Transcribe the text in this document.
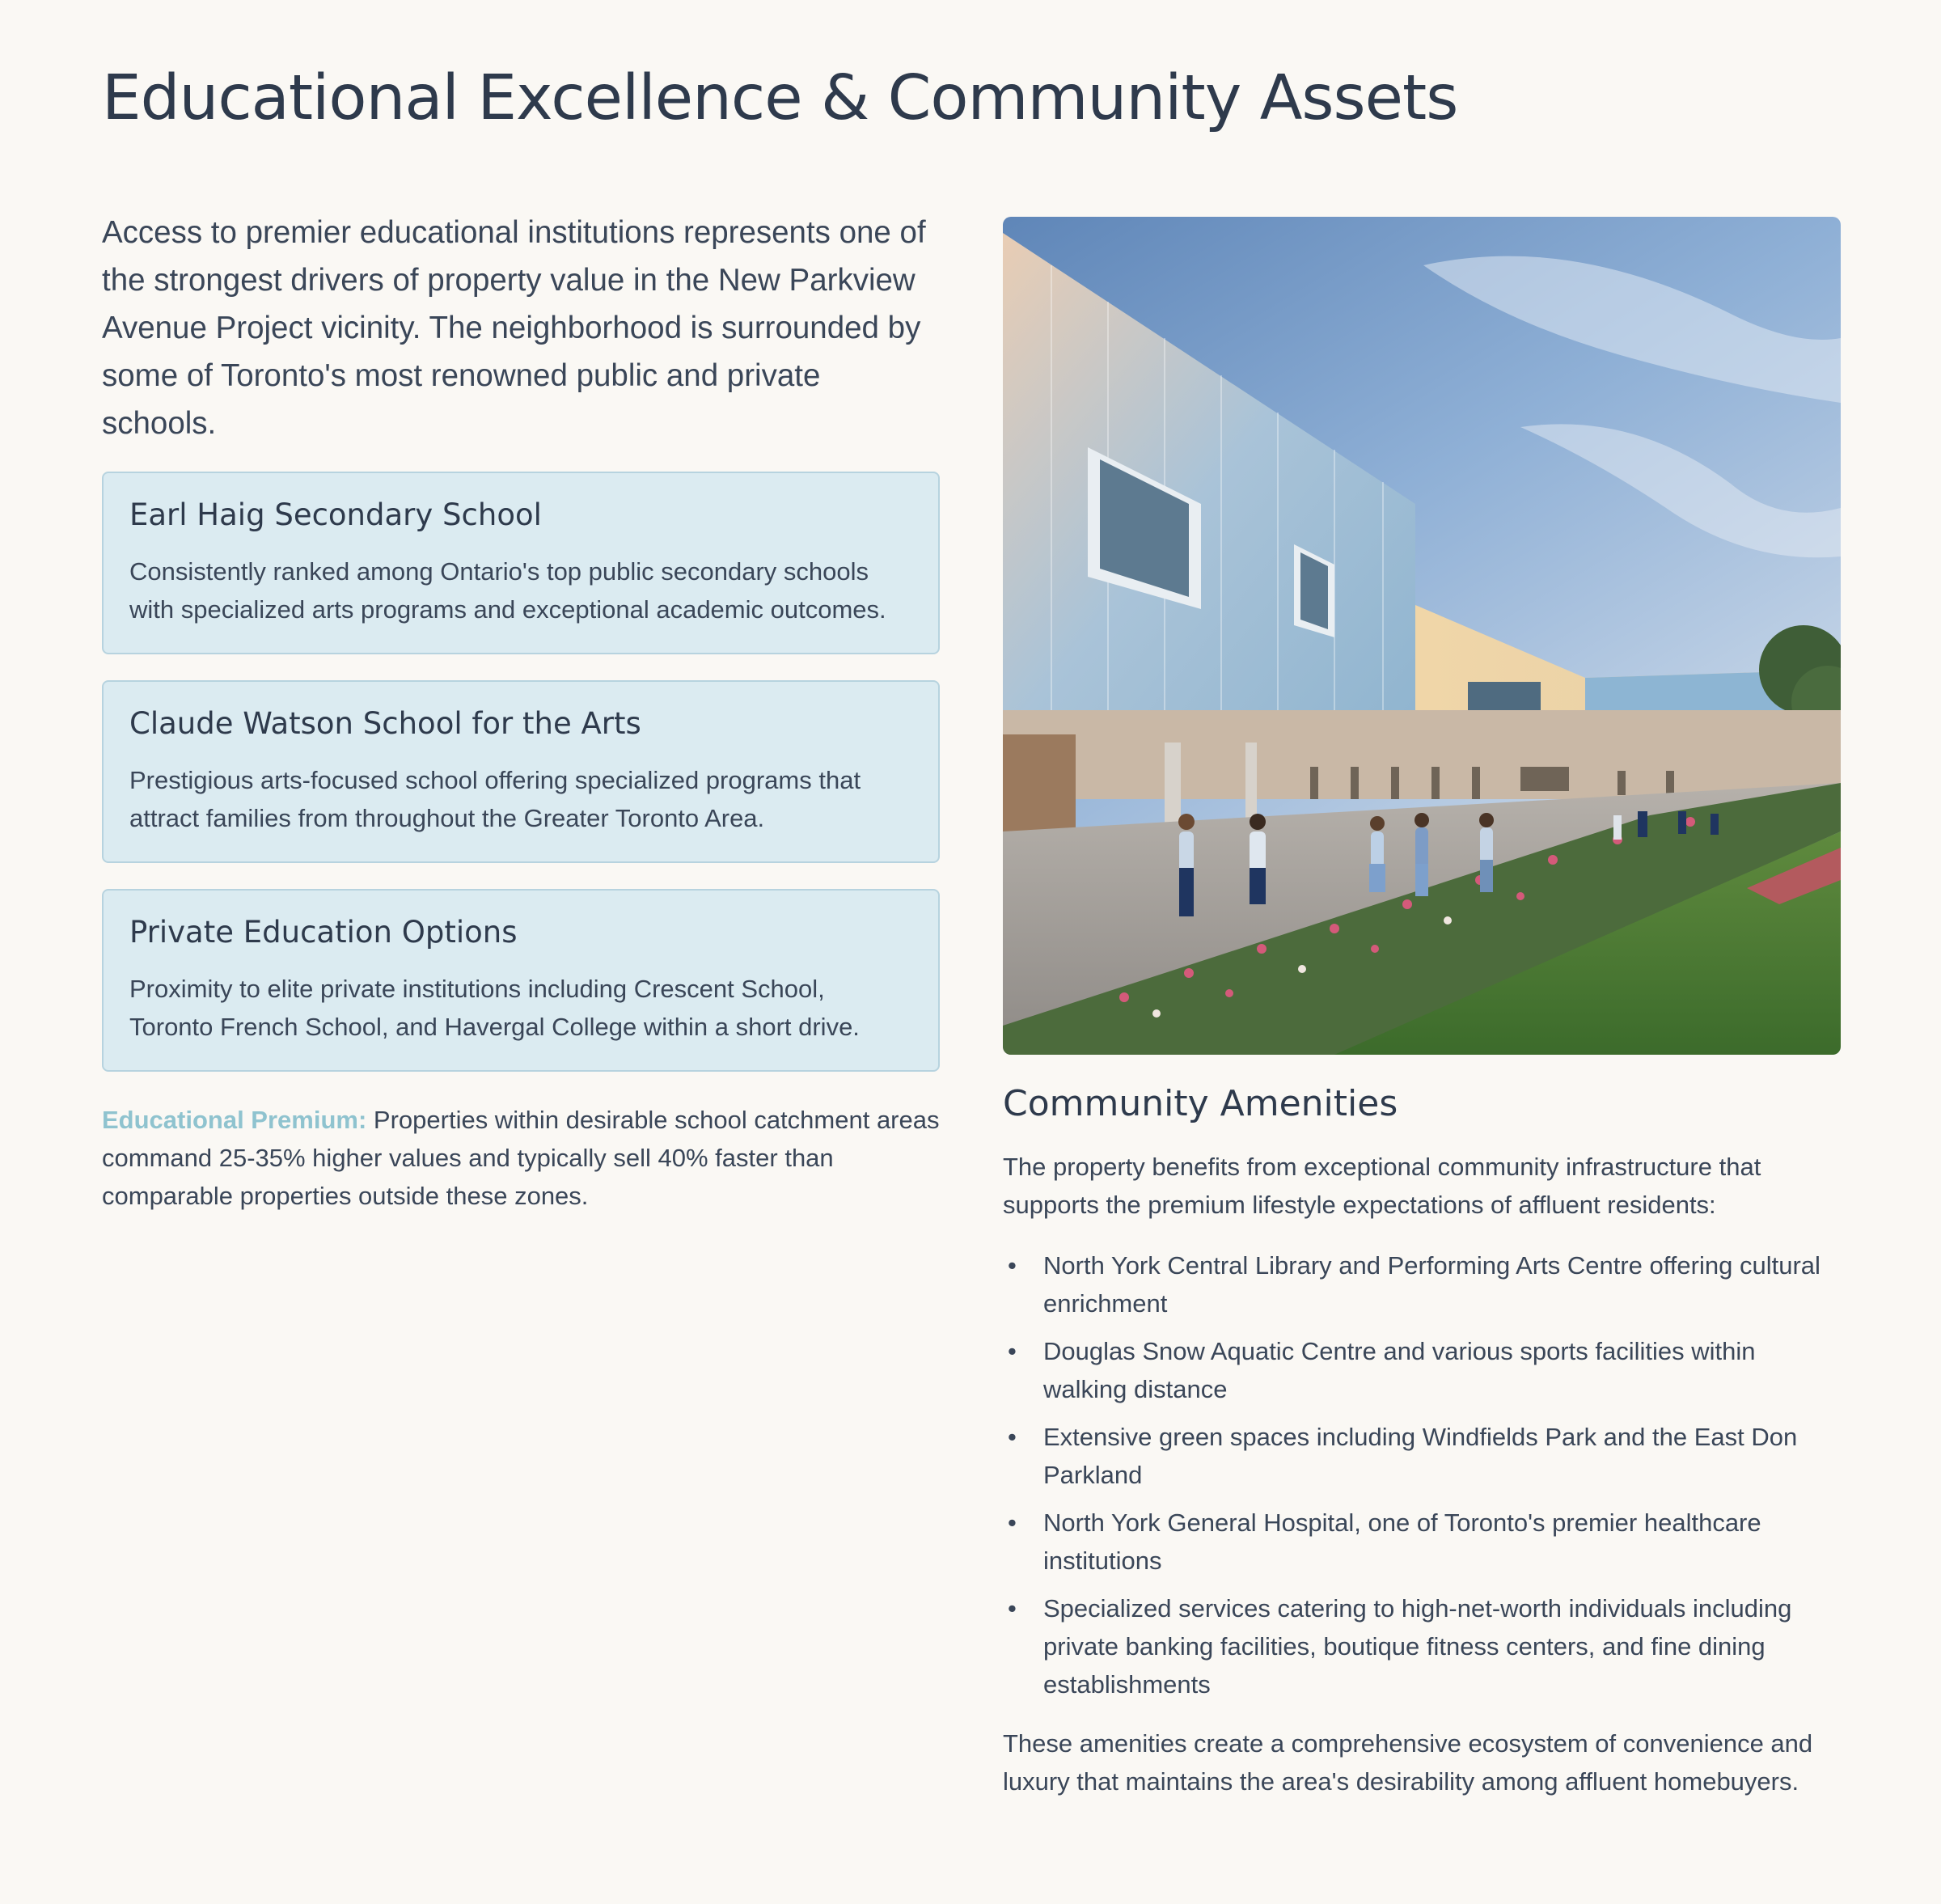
Educational Excellence & Community Assets

Access to premier educational institutions represents one of the strongest drivers of property value in the New Parkview Avenue Project vicinity. The neighborhood is surrounded by some of Toronto's most renowned public and private schools.

Earl Haig Secondary School

Consistently ranked among Ontario's top public secondary schools with specialized arts programs and exceptional academic outcomes.

Claude Watson School for the Arts

Prestigious arts-focused school offering specialized programs that attract families from throughout the Greater Toronto Area.

Private Education Options

Proximity to elite private institutions including Crescent School, Toronto French School, and Havergal College within a short drive.

Educational Premium: Properties within desirable school catchment areas command 25-35% higher values and typically sell 40% faster than comparable properties outside these zones.

Community Amenities

The property benefits from exceptional community infrastructure that supports the premium lifestyle expectations of affluent residents:

• North York Central Library and Performing Arts Centre offering cultural enrichment
• Douglas Snow Aquatic Centre and various sports facilities within walking distance
• Extensive green spaces including Windfields Park and the East Don Parkland
• North York General Hospital, one of Toronto's premier healthcare institutions
• Specialized services catering to high-net-worth individuals including private banking facilities, boutique fitness centers, and fine dining establishments

These amenities create a comprehensive ecosystem of convenience and luxury that maintains the area's desirability among affluent homebuyers.
